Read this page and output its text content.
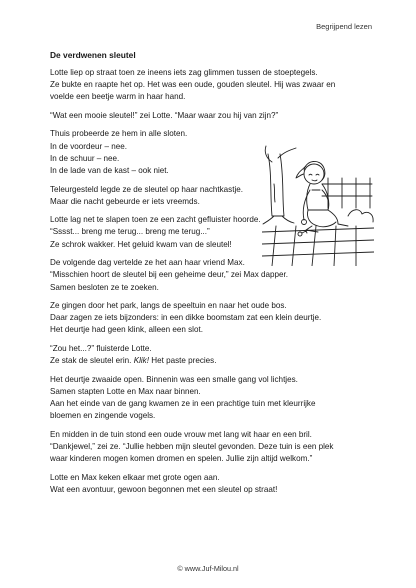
Begrijpend lezen
De verdwenen sleutel

Lotte liep op straat toen ze ineens iets zag glimmen tussen de stoeptegels.
Ze bukte en raapte het op. Het was een oude, gouden sleutel. Hij was zwaar en
voelde een beetje warm in haar hand.

“Wat een mooie sleutel!” zei Lotte. “Maar waar zou hij van zijn?”

Thuis probeerde ze hem in alle sloten.
In de voordeur – nee.
In de schuur – nee.
In de lade van de kast – ook niet.

Teleurgesteld legde ze de sleutel op haar nachtkastje.
Maar die nacht gebeurde er iets vreemds.

Lotte lag net te slapen toen ze een zacht gefluister hoorde.
“Sssst... breng me terug... breng me terug...”
Ze schrok wakker. Het geluid kwam van de sleutel!

De volgende dag vertelde ze het aan haar vriend Max.
“Misschien hoort de sleutel bij een geheime deur,” zei Max dapper.
Samen besloten ze te zoeken.

Ze gingen door het park, langs de speeltuin en naar het oude bos.
Daar zagen ze iets bijzonders: in een dikke boomstam zat een klein deurtje.
Het deurtje had geen klink, alleen een slot.

“Zou het...?” fluisterde Lotte.
Ze stak de sleutel erin. Klik! Het paste precies.

Het deurtje zwaaide open. Binnenin was een smalle gang vol lichtjes.
Samen stapten Lotte en Max naar binnen.
Aan het einde van de gang kwamen ze in een prachtige tuin met kleurrijke
bloemen en zingende vogels.

En midden in de tuin stond een oude vrouw met lang wit haar en een bril.
“Dankjewel,” zei ze. “Jullie hebben mijn sleutel gevonden. Deze tuin is een plek
waar kinderen mogen komen dromen en spelen. Jullie zijn altijd welkom.”

Lotte en Max keken elkaar met grote ogen aan.
Wat een avontuur, gewoon begonnen met een sleutel op straat!

© www.Juf-Milou.nl
